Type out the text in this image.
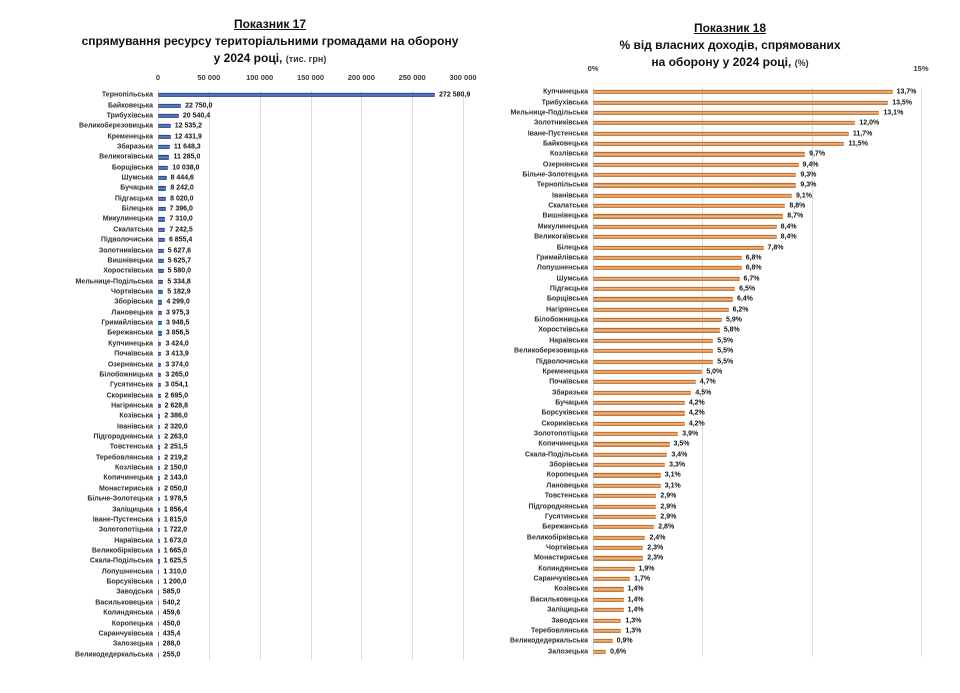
Показник 17
спрямування ресурсу територіальними громадами на оборону
у 2024 році, (тис. грн)
0	50 000	100 000	150 000	200 000	250 000	300 000
Тернопільська	272 580,9
Байковецька	22 750,0
Трибухівська	20 540,4
Великоберезовицька	12 535,2
Кременецька	12 431,9
Збаразька	11 648,3
Великогаївська	11 285,0
Борщівська	10 038,0
Шумська	8 444,6
Бучацька	8 242,0
Підгаєцька	8 020,0
Білецька	7 396,0
Микулинецька	7 310,0
Скалатська	7 242,5
Підволочиська	6 855,4
Золотниківська	5 627,6
Вишнівецька	5 625,7
Хоростківська	5 580,0
Мельнице-Подільська	5 334,8
Чортківська	5 182,9
Зборівська	4 299,0
Лановецька	3 975,3
Гримайлівська	3 948,5
Бережанська	3 856,5
Купчинецька	3 424,0
Почаївська	3 413,9
Озернянська	3 374,0
Білобожницька	3 265,0
Гусятинська	3 054,1
Скориківська	2 695,0
Нагірянська	2 628,8
Козівська	2 386,0
Іванівська	2 320,0
Підгороднянська	2 263,0
Товстенська	2 251,5
Теребовлянська	2 219,2
Козлівська	2 150,0
Копичинецька	2 143,0
Монастириська	2 050,0
Більче-Золотецька	1 978,5
Заліщицька	1 856,4
Іване-Пустенська	1 815,0
Золотопотіцька	1 722,0
Нараївська	1 673,0
Великобірківська	1 665,0
Скала-Подільська	1 625,5
Лопушненська	1 310,0
Борсуківська	1 200,0
Заводська	585,0
Васильковецька	540,2
Колиндянська	459,6
Коропецька	450,0
Саранчуківська	435,4
Залозецька	288,0
Великодедеркальська	255,0
Показник 18
% від власних доходів, спрямованих
на оборону у 2024 році, (%)
0%	15%
Купчинецька	13,7%
Трибухівська	13,5%
Мельнице-Подільська	13,1%
Золотниківська	12,0%
Іване-Пустенська	11,7%
Байковецька	11,5%
Козлівська	9,7%
Озернянська	9,4%
Більче-Золотецька	9,3%
Тернопільська	9,3%
Іванівська	9,1%
Скалатська	8,8%
Вишнівецька	8,7%
Микулинецька	8,4%
Великогаївська	8,4%
Білецька	7,8%
Гримайлівська	6,8%
Лопушненська	6,8%
Шумська	6,7%
Підгаєцька	6,5%
Борщівська	6,4%
Нагірянська	6,2%
Білобожницька	5,9%
Хоростківська	5,8%
Нараївська	5,5%
Великоберезовицька	5,5%
Підволочиська	5,5%
Кременецька	5,0%
Почаївська	4,7%
Збаразька	4,5%
Бучацька	4,2%
Борсуківська	4,2%
Скориківська	4,2%
Золотопотіцька	3,9%
Копичинецька	3,5%
Скала-Подільська	3,4%
Зборівська	3,3%
Коропецька	3,1%
Лановецька	3,1%
Товстенська	2,9%
Підгороднянська	2,9%
Гусятинська	2,9%
Бережанська	2,8%
Великобірківська	2,4%
Чортківська	2,3%
Монастириська	2,3%
Колиндянська	1,9%
Саранчуківська	1,7%
Козівська	1,4%
Васильковецька	1,4%
Заліщицька	1,4%
Заводська	1,3%
Теребовлянська	1,3%
Великодедеркальська	0,9%
Залозецька	0,6%
